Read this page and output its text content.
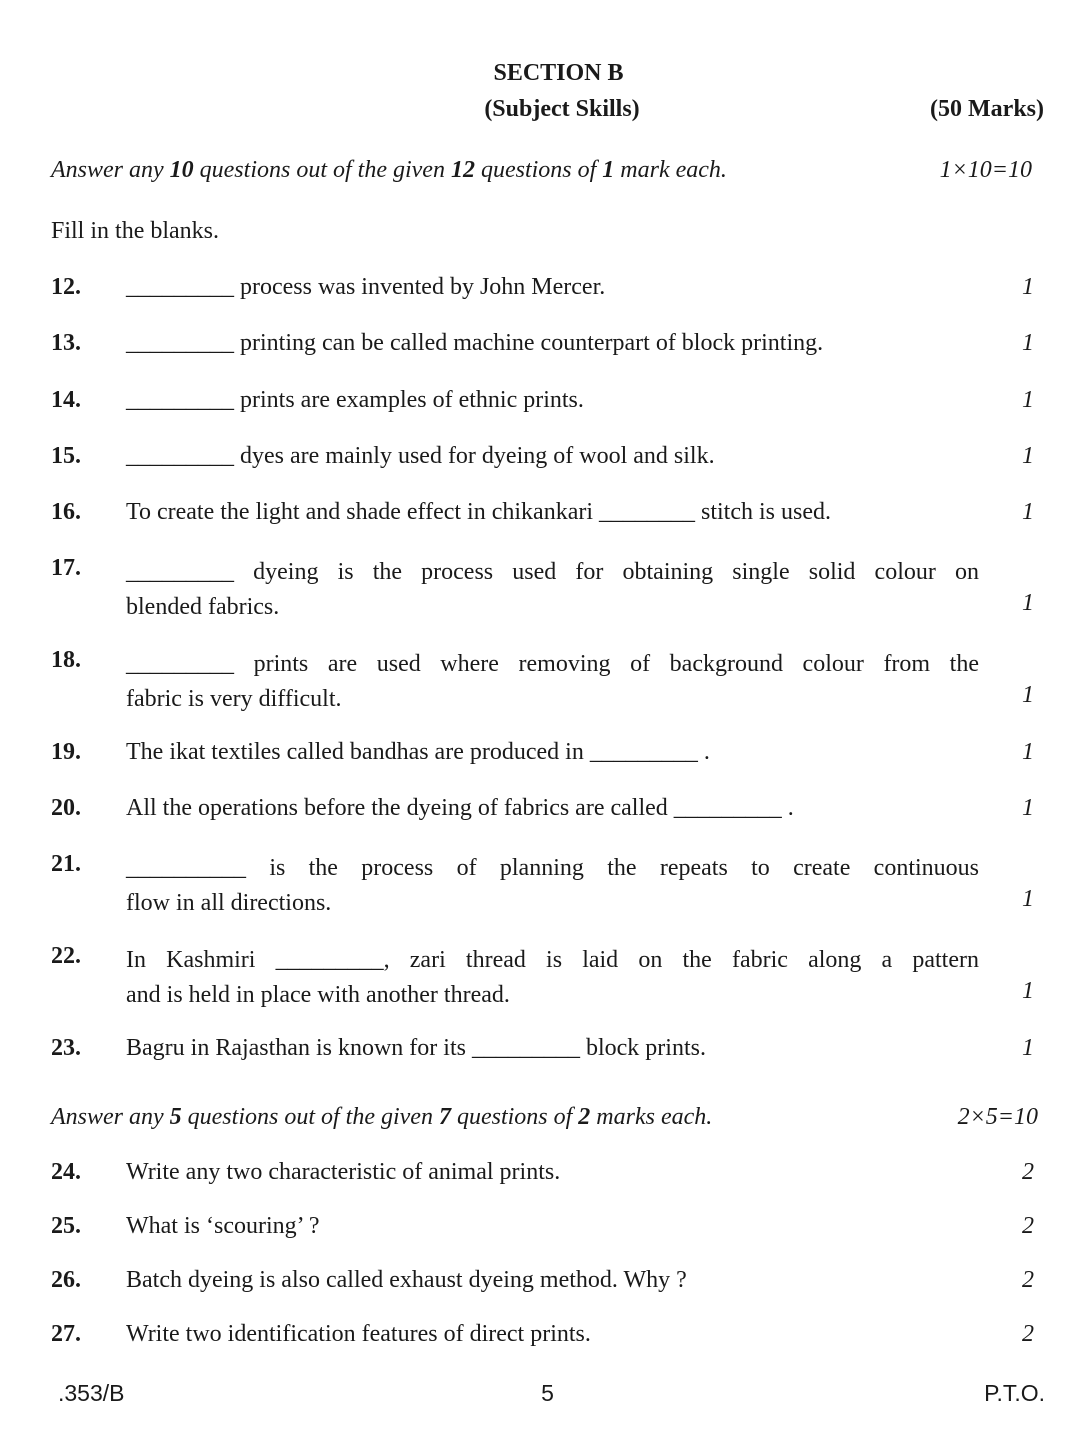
SECTION B
(Subject Skills)	(50 Marks)
Answer any 10 questions out of the given 12 questions of 1 mark each.	1×10=10
Fill in the blanks.
12. _________ process was invented by John Mercer.	1
13. _________ printing can be called machine counterpart of block printing.	1
14. _________ prints are examples of ethnic prints.	1
15. _________ dyes are mainly used for dyeing of wool and silk.	1
16. To create the light and shade effect in chikankari ________ stitch is used.	1
17. _________ dyeing is the process used for obtaining single solid colour on
blended fabrics.	1
18. _________ prints are used where removing of background colour from the
fabric is very difficult.	1
19. The ikat textiles called bandhas are produced in _________ .	1
20. All the operations before the dyeing of fabrics are called _________ .	1
21. __________ is the process of planning the repeats to create continuous
flow in all directions.	1
22. In Kashmiri _________, zari thread is laid on the fabric along a pattern
and is held in place with another thread.	1
23. Bagru in Rajasthan is known for its _________ block prints.	1
Answer any 5 questions out of the given 7 questions of 2 marks each.	2×5=10
24. Write any two characteristic of animal prints.	2
25. What is ‘scouring’ ?	2
26. Batch dyeing is also called exhaust dyeing method. Why ?	2
27. Write two identification features of direct prints.	2
.353/B	5	P.T.O.
